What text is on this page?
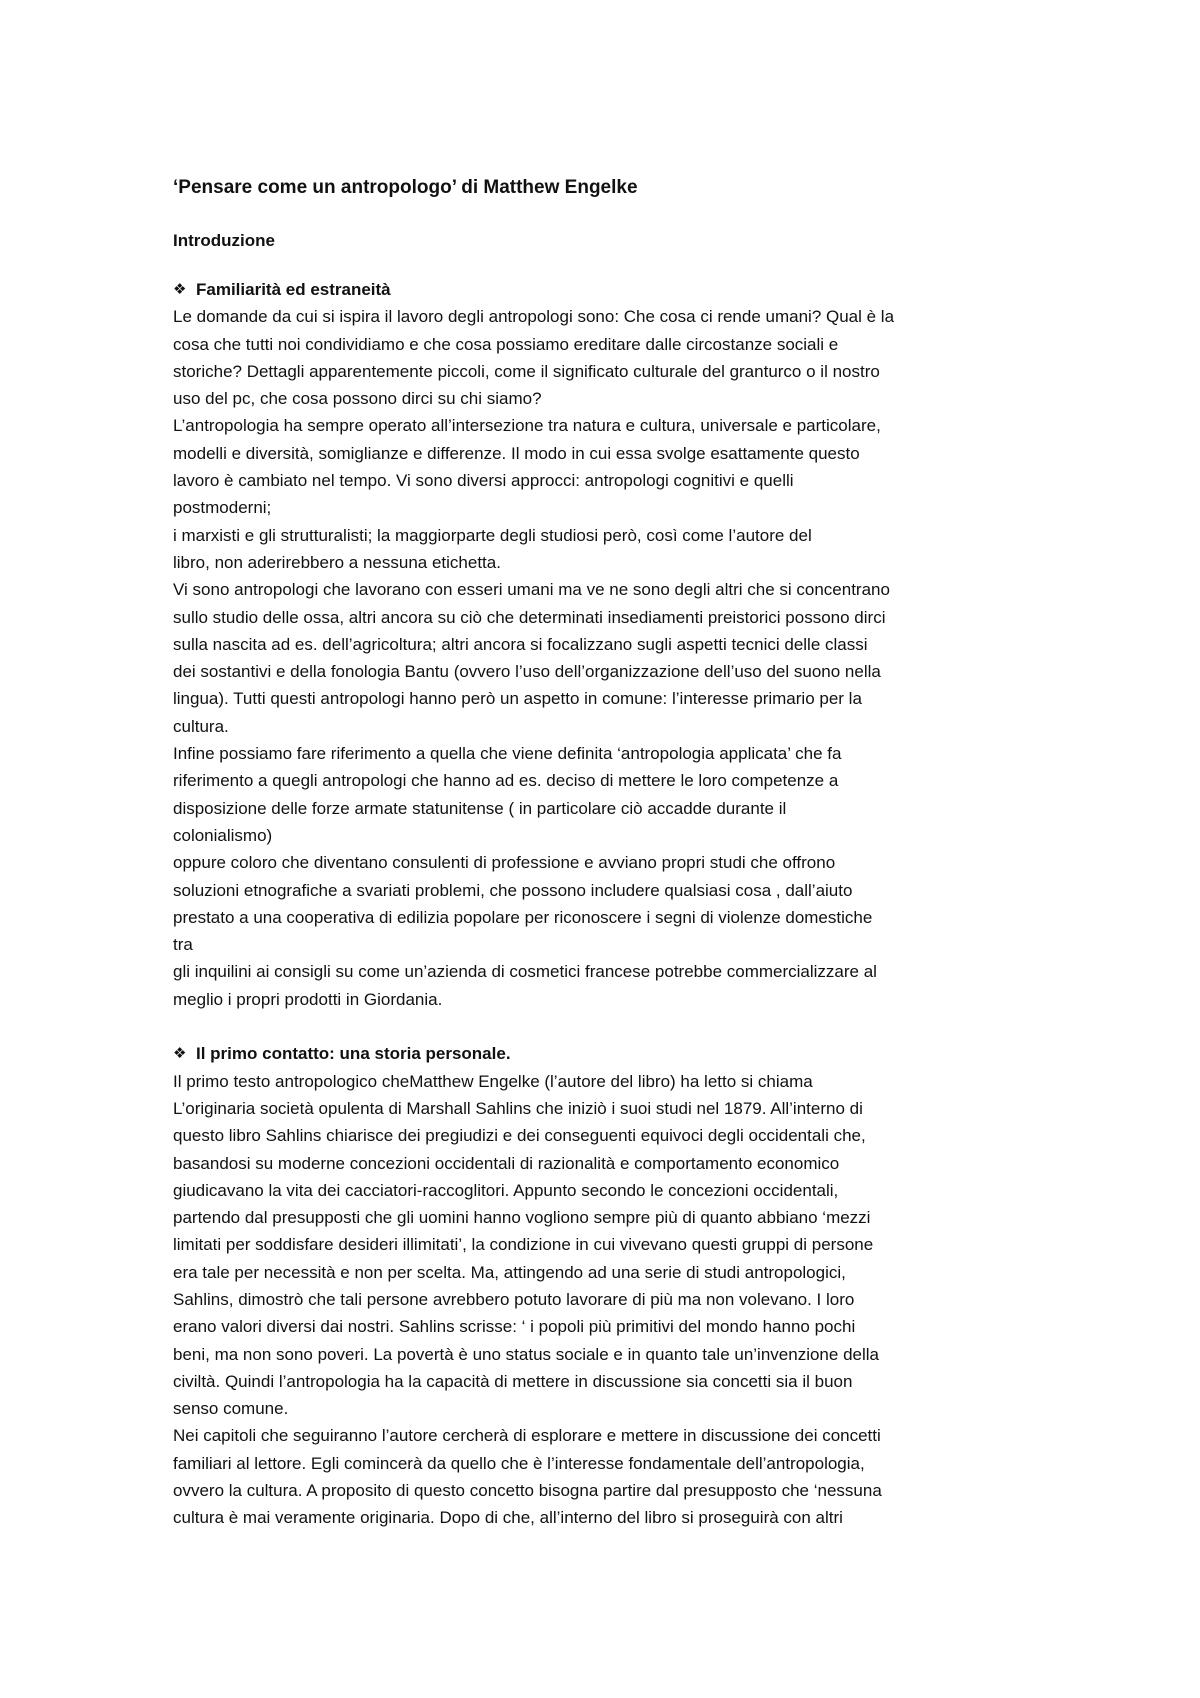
‘Pensare come un antropologo’ di Matthew Engelke
Introduzione
❖ Familiarità ed estraneità
Le domande da cui si ispira il lavoro degli antropologi sono: Che cosa ci rende umani? Qual è la
cosa che tutti noi condividiamo e che cosa possiamo ereditare dalle circostanze sociali e
storiche? Dettagli apparentemente piccoli, come il significato culturale del granturco o il nostro
uso del pc, che cosa possono dirci su chi siamo?
L’antropologia ha sempre operato all’intersezione tra natura e cultura, universale e particolare,
modelli e diversità, somiglianze e differenze. Il modo in cui essa svolge esattamente questo
lavoro è cambiato nel tempo. Vi sono diversi approcci: antropologi cognitivi e quelli
postmoderni;
i marxisti e gli strutturalisti; la maggiorparte degli studiosi però, così come l’autore del
libro, non aderirebbero a nessuna etichetta.
Vi sono antropologi che lavorano con esseri umani ma ve ne sono degli altri che si concentrano
sullo studio delle ossa, altri ancora su ciò che determinati insediamenti preistorici possono dirci
sulla nascita ad es. dell’agricoltura; altri ancora si focalizzano sugli aspetti tecnici delle classi
dei sostantivi e della fonologia Bantu (ovvero l’uso dell’organizzazione dell’uso del suono nella
lingua). Tutti questi antropologi hanno però un aspetto in comune: l’interesse primario per la
cultura.
Infine possiamo fare riferimento a quella che viene definita ‘antropologia applicata’ che fa
riferimento a quegli antropologi che hanno ad es. deciso di mettere le loro competenze a
disposizione delle forze armate statunitense ( in particolare ciò accadde durante il
colonialismo)
oppure coloro che diventano consulenti di professione e avviano propri studi che offrono
soluzioni etnografiche a svariati problemi, che possono includere qualsiasi cosa , dall’aiuto
prestato a una cooperativa di edilizia popolare per riconoscere i segni di violenze domestiche
tra
gli inquilini ai consigli su come un’azienda di cosmetici francese potrebbe commercializzare al
meglio i propri prodotti in Giordania.
❖ Il primo contatto: una storia personale.
Il primo testo antropologico cheMatthew Engelke (l’autore del libro) ha letto si chiama
L’originaria società opulenta di Marshall Sahlins che iniziò i suoi studi nel 1879. All’interno di
questo libro Sahlins chiarisce dei pregiudizi e dei conseguenti equivoci degli occidentali che,
basandosi su moderne concezioni occidentali di razionalità e comportamento economico
giudicavano la vita dei cacciatori-raccoglitori. Appunto secondo le concezioni occidentali,
partendo dal presupposti che gli uomini hanno vogliono sempre più di quanto abbiano ‘mezzi
limitati per soddisfare desideri illimitati’, la condizione in cui vivevano questi gruppi di persone
era tale per necessità e non per scelta. Ma, attingendo ad una serie di studi antropologici,
Sahlins, dimostrò che tali persone avrebbero potuto lavorare di più ma non volevano. I loro
erano valori diversi dai nostri. Sahlins scrisse: ‘ i popoli più primitivi del mondo hanno pochi
beni, ma non sono poveri. La povertà è uno status sociale e in quanto tale un’invenzione della
civiltà. Quindi l’antropologia ha la capacità di mettere in discussione sia concetti sia il buon
senso comune.
Nei capitoli che seguiranno l’autore cercherà di esplorare e mettere in discussione dei concetti
familiari al lettore. Egli comincerà da quello che è l’interesse fondamentale dell’antropologia,
ovvero la cultura. A proposito di questo concetto bisogna partire dal presupposto che ‘nessuna
cultura è mai veramente originaria. Dopo di che, all’interno del libro si proseguirà con altri
